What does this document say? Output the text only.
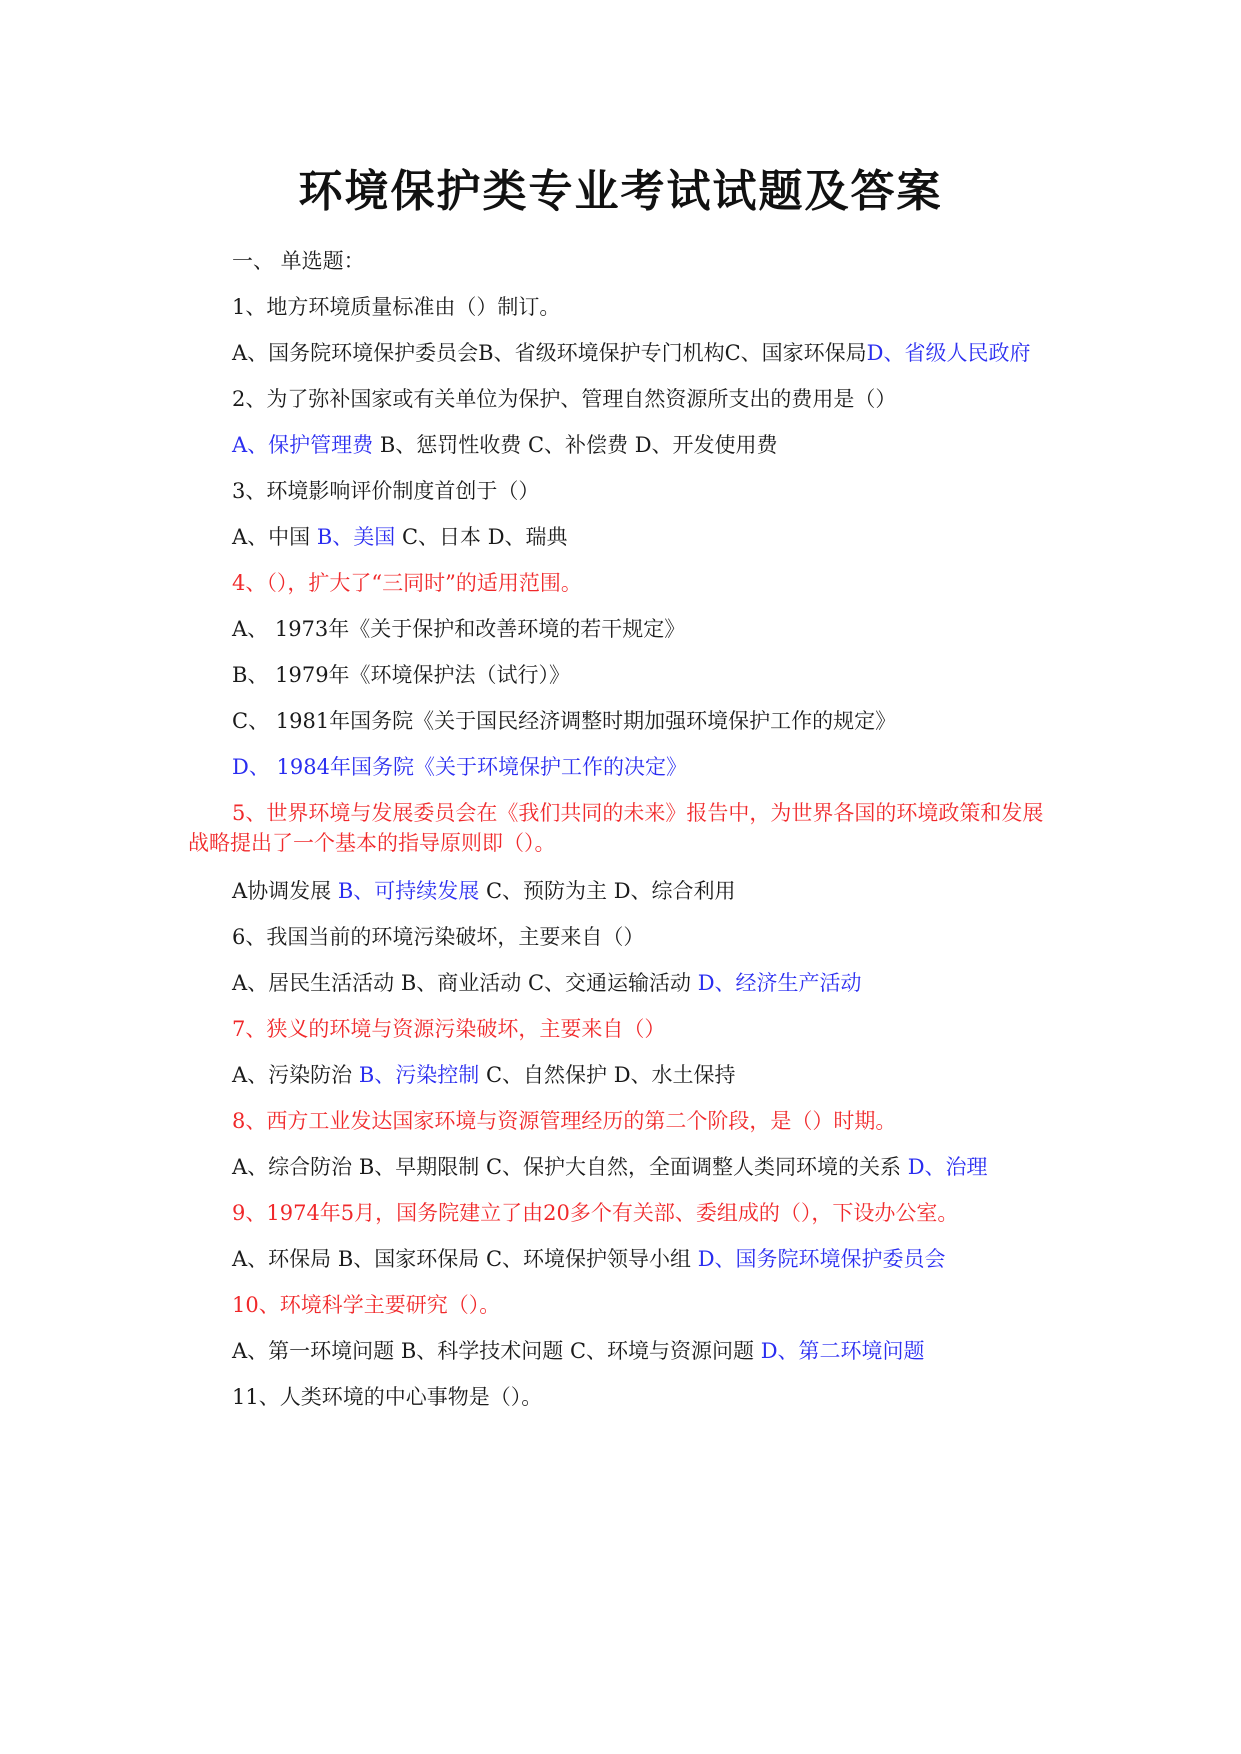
环境保护类专业考试试题及答案
一、 单选题：
1、地方环境质量标准由（）制订。
A、国务院环境保护委员会B、省级环境保护专门机构C、国家环保局D、省级人民政府
2、为了弥补国家或有关单位为保护、管理自然资源所支出的费用是（）
A、保护管理费 B、惩罚性收费 C、补偿费 D、开发使用费
3、环境影响评价制度首创于（）
A、中国 B、美国 C、日本 D、瑞典
4、（），扩大了“三同时”的适用范围。
A、 1973年《关于保护和改善环境的若干规定》
B、 1979年《环境保护法（试行）》
C、 1981年国务院《关于国民经济调整时期加强环境保护工作的规定》
D、 1984年国务院《关于环境保护工作的决定》
5、世界环境与发展委员会在《我们共同的未来》报告中，为世界各国的环境政策和发展战略提出了一个基本的指导原则即（）。
A协调发展 B、可持续发展 C、预防为主 D、综合利用
6、我国当前的环境污染破坏，主要来自（）
A、居民生活活动 B、商业活动 C、交通运输活动 D、经济生产活动
7、狭义的环境与资源污染破坏，主要来自（）
A、污染防治 B、污染控制 C、自然保护 D、水土保持
8、西方工业发达国家环境与资源管理经历的第二个阶段，是（）时期。
A、综合防治 B、早期限制 C、保护大自然，全面调整人类同环境的关系 D、治理
9、1974年5月，国务院建立了由20多个有关部、委组成的（），下设办公室。
A、环保局 B、国家环保局 C、环境保护领导小组 D、国务院环境保护委员会
10、环境科学主要研究（）。
A、第一环境问题 B、科学技术问题 C、环境与资源问题 D、第二环境问题
11、人类环境的中心事物是（）。
